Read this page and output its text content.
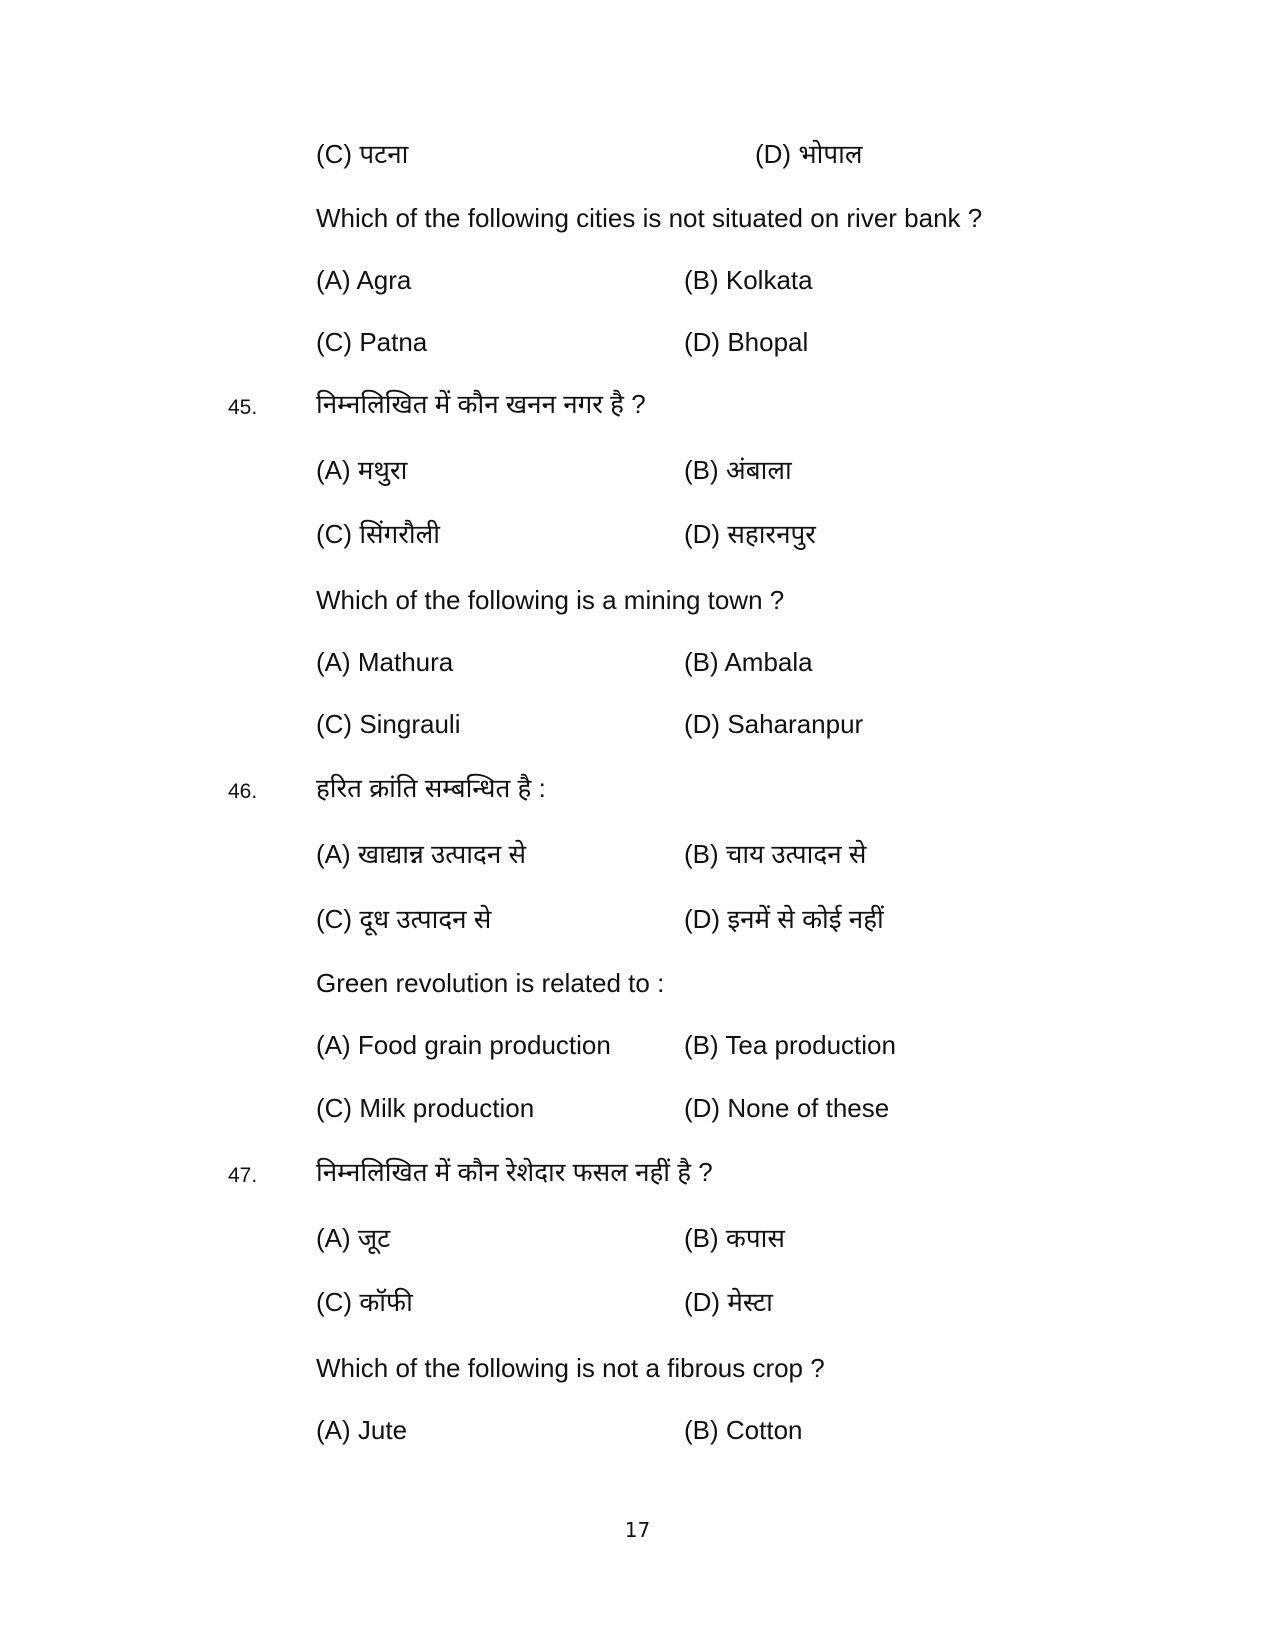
(C) पटना	(D) भोपाल
Which of the following cities is not situated on river bank ?
(A) Agra	(B) Kolkata
(C) Patna	(D) Bhopal
45. निम्नलिखित में कौन खनन नगर है ?
(A) मथुरा	(B) अंबाला
(C) सिंगरौली	(D) सहारनपुर
Which of the following is a mining town ?
(A) Mathura	(B) Ambala
(C) Singrauli	(D) Saharanpur
46. हरित क्रांति सम्बन्धित है :
(A) खाद्यान्न उत्पादन से	(B) चाय उत्पादन से
(C) दूध उत्पादन से	(D) इनमें से कोई नहीं
Green revolution is related to :
(A) Food grain production	(B) Tea production
(C) Milk production	(D) None of these
47. निम्नलिखित में कौन रेशेदार फसल नहीं है ?
(A) जूट	(B) कपास
(C) कॉफी	(D) मेस्टा
Which of the following is not a fibrous crop ?
(A) Jute	(B) Cotton
17
